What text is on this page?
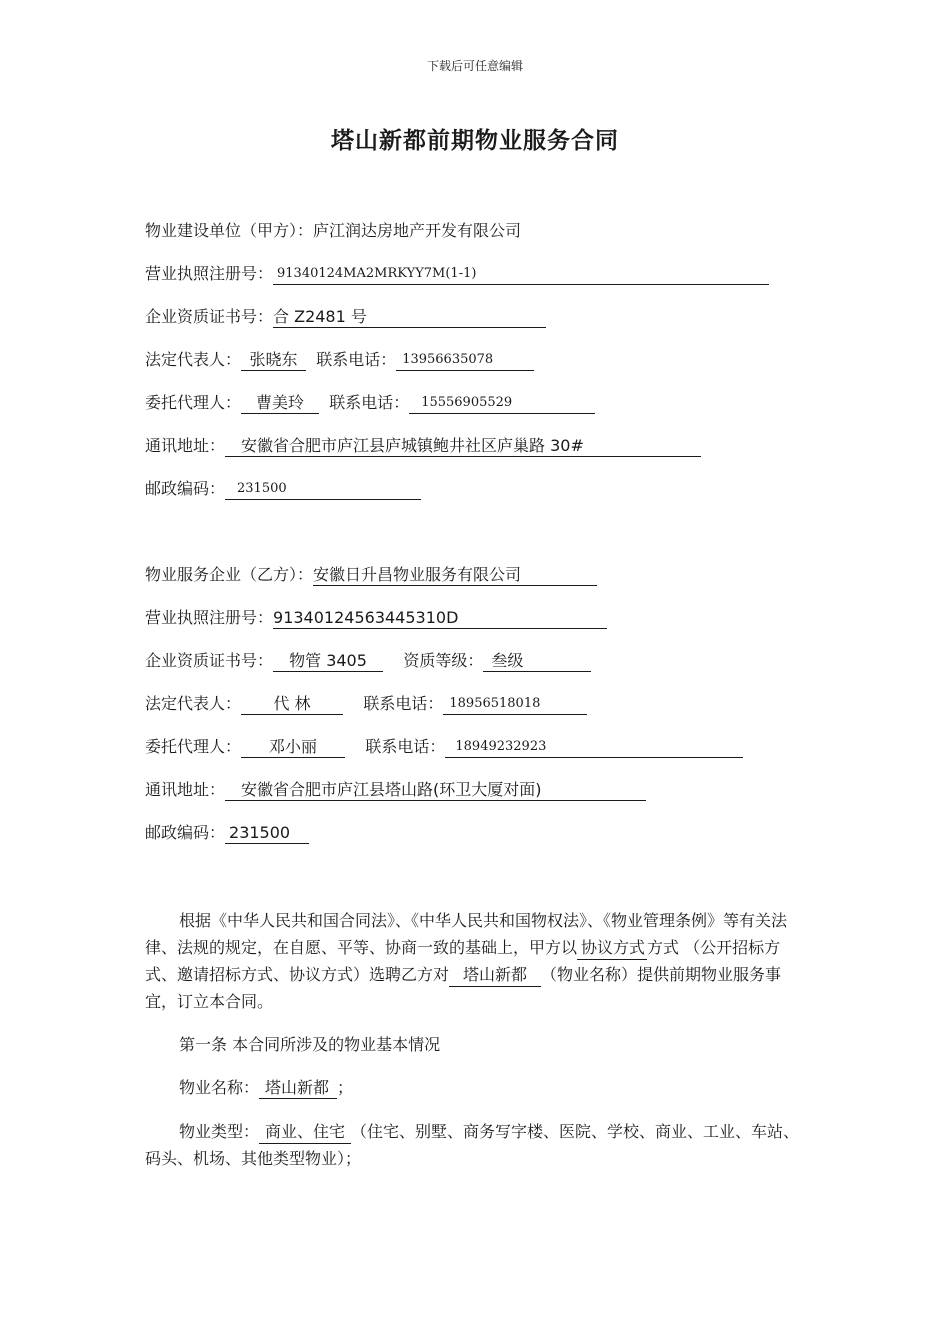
下载后可任意编辑
塔山新都前期物业服务合同
物业建设单位（甲方）：庐江润达房地产开发有限公司
营业执照注册号： 91340124MA2MRKYY7M(1-1)
企业资质证书号：合 Z2481 号
法定代表人： 张晓东 联系电话： 13956635078
委托代理人： 曹美玲 联系电话： 15556905529
通讯地址： 安徽省合肥市庐江县庐城镇鲍井社区庐巢路 30#
邮政编码： 231500
物业服务企业（乙方）：安徽日升昌物业服务有限公司
营业执照注册号：91340124563445310D
企业资质证书号： 物管 3405 资质等级： 叁级
法定代表人： 代 林	联系电话： 18956518018
委托代理人： 邓小丽	联系电话： 18949232923
通讯地址： 安徽省合肥市庐江县塔山路(环卫大厦对面)
邮政编码： 231500
根据《中华人民共和国合同法》、《中华人民共和国物权法》、《物业管理条例》等有关法律、法规的规定，在自愿、平等、协商一致的基础上，甲方以 协议方式 方式 （公开招标方式、邀请招标方式、协议方式）选聘乙方对 塔山新都 （物业名称）提供前期物业服务事宜，订立本合同。
第一条 本合同所涉及的物业基本情况
物业名称： 塔山新都 ；
物业类型： 商业、住宅 （住宅、别墅、商务写字楼、医院、学校、商业、工业、车站、码头、机场、其他类型物业）；
